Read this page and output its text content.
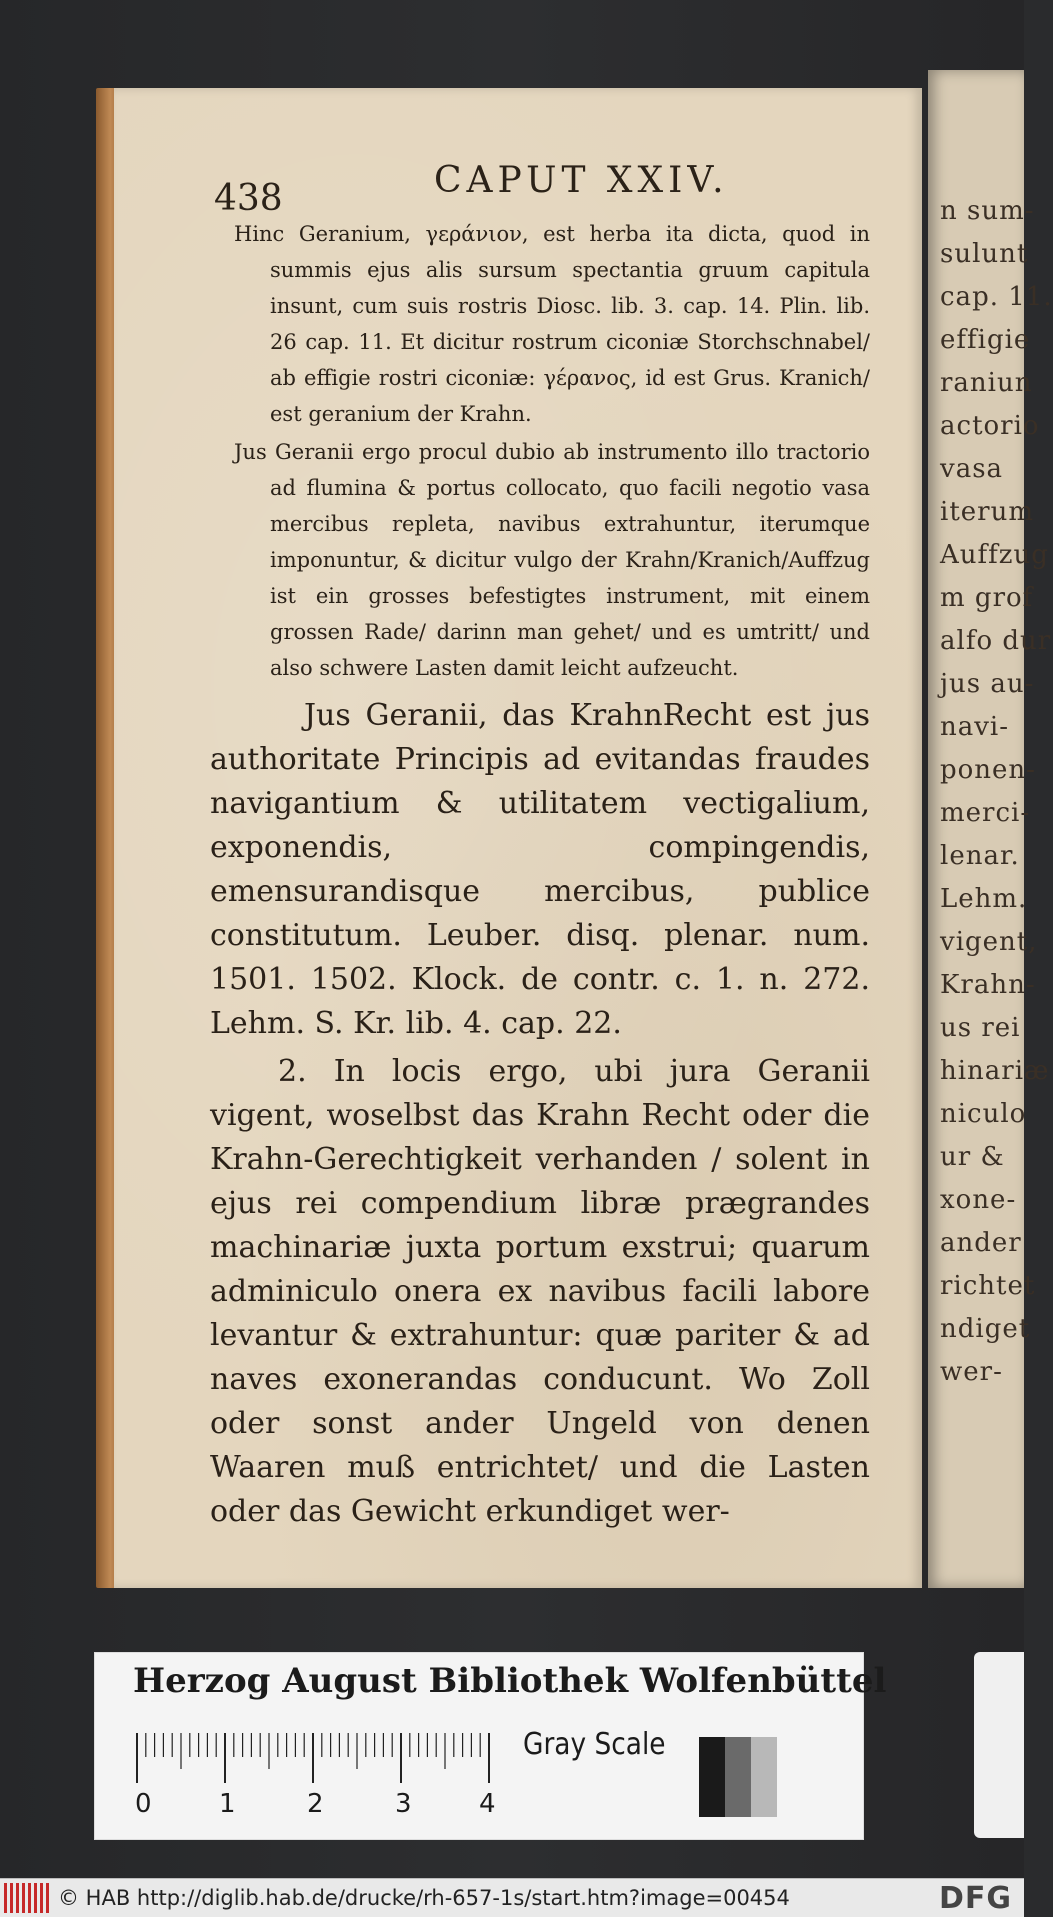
438	CAPUT XXIV.

Hinc Geranium, γεράνιον, est herba ita dicta, quod in summis ejus alis sursum spectantia gruum capitula insunt, cum suis rostris Diosc. lib. 3. cap. 14. Plin. lib. 26 cap. 11. Et dicitur rostrum ciconiæ Storchschnabel/ ab effigie rostri ciconiæ: γέρανος, id est Grus. Kranich/ est geranium der Krahn.

Jus Geranii ergo procul dubio ab instrumento illo tractorio ad flumina & portus collocato, quo facili negotio vasa mercibus repleta, navibus extrahuntur, iterumque imponuntur, & dicitur vulgo der Krahn/Kranich/Auffzug ist ein grosses befestigtes instrument, mit einem grossen Rade/ darinn man gehet/ und es umtritt/ und also schwere Lasten damit leicht aufzeucht.

Jus Geranii, das KrahnRecht est jus authoritate Principis ad evitandas fraudes navigantium & utilitatem vectigalium, exponendis, compingendis, emensurandisque mercibus, publice constitutum. Leuber. disq. plenar. num. 1501. 1502. Klock. de contr. c. 1. n. 272. Lehm. S. Kr. lib. 4. cap. 22.

2. In locis ergo, ubi jura Geranii vigent, woselbst das Krahn Recht oder die Krahn-Gerechtigkeit verhanden / solent in ejus rei compendium libræ prægrandes machinariæ juxta portum exstrui; quarum adminiculo onera ex navibus facili labore levantur & extrahuntur: quæ pariter & ad naves exonerandas conducunt. Wo Zoll oder sonst ander Ungeld von denen Waaren muß entrichtet/ und die Lasten oder das Gewicht erkundiget wer-

n sum-
sulunt
cap. 11.
effigie
raniun
actorio
vasa
iterum
Auffzug
m grof
alfo dur
jus au-
navi-
ponen-
merci-
lenar.
Lehm.
vigent,
Krahn-
us rei
hinariæ
niculo
ur &
xone-
ander
richtet
ndiget
wer-
Herzog August Bibliothek Wolfenbüttel
0	1	2	3	4
Gray Scale
© HAB http://diglib.hab.de/drucke/rh-657-1s/start.htm?image=00454	DFG
